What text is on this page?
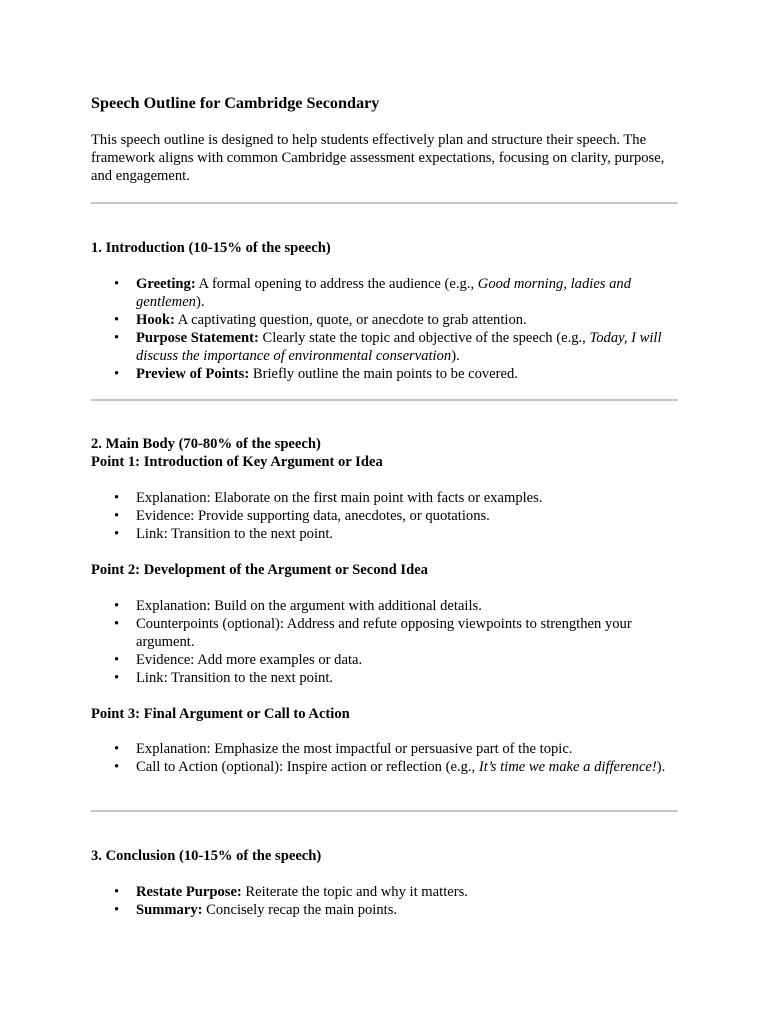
Speech Outline for Cambridge Secondary
This speech outline is designed to help students effectively plan and structure their speech. The framework aligns with common Cambridge assessment expectations, focusing on clarity, purpose, and engagement.
1. Introduction (10-15% of the speech)
• Greeting: A formal opening to address the audience (e.g., Good morning, ladies and gentlemen).
• Hook: A captivating question, quote, or anecdote to grab attention.
• Purpose Statement: Clearly state the topic and objective of the speech (e.g., Today, I will discuss the importance of environmental conservation).
• Preview of Points: Briefly outline the main points to be covered.
2. Main Body (70-80% of the speech)
Point 1: Introduction of Key Argument or Idea
• Explanation: Elaborate on the first main point with facts or examples.
• Evidence: Provide supporting data, anecdotes, or quotations.
• Link: Transition to the next point.
Point 2: Development of the Argument or Second Idea
• Explanation: Build on the argument with additional details.
• Counterpoints (optional): Address and refute opposing viewpoints to strengthen your argument.
• Evidence: Add more examples or data.
• Link: Transition to the next point.
Point 3: Final Argument or Call to Action
• Explanation: Emphasize the most impactful or persuasive part of the topic.
• Call to Action (optional): Inspire action or reflection (e.g., It’s time we make a difference!).
3. Conclusion (10-15% of the speech)
• Restate Purpose: Reiterate the topic and why it matters.
• Summary: Concisely recap the main points.
